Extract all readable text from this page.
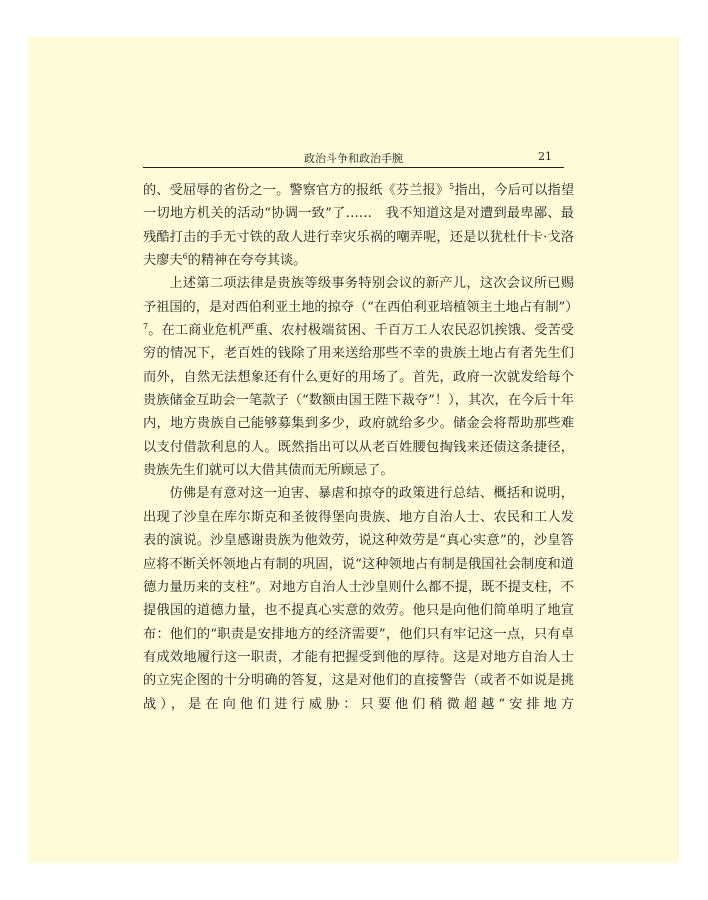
政治斗争和政治手腕	21

的、受屈辱的省份之一。警察官方的报纸《芬兰报》$^5$指出，今后可以指望一切地方机关的活动“协调一致”了……　我不知道这是对遭到最卑鄙、最残酷打击的手无寸铁的敌人进行幸灾乐祸的嘲弄呢，还是以犹杜什卡·戈洛夫廖夫$^6$的精神在夸夸其谈。

上述第二项法律是贵族等级事务特别会议的新产儿，这次会议所已赐予祖国的，是对西伯利亚土地的掠夺（“在西伯利亚培植领主土地占有制”）$^7$。在工商业危机严重、农村极端贫困、千百万工人农民忍饥挨饿、受苦受穷的情况下，老百姓的钱除了用来送给那些不幸的贵族土地占有者先生们而外，自然无法想象还有什么更好的用场了。首先，政府一次就发给每个贵族储金互助会一笔款子（“数额由国王陛下裁夺”！），其次，在今后十年内，地方贵族自己能够募集到多少，政府就给多少。储金会将帮助那些难以支付借款利息的人。既然指出可以从老百姓腰包掏钱来还债这条捷径，贵族先生们就可以大借其债而无所顾忌了。

仿佛是有意对这一迫害、暴虐和掠夺的政策进行总结、概括和说明，出现了沙皇在库尔斯克和圣彼得堡向贵族、地方自治人士、农民和工人发表的演说。沙皇感谢贵族为他效劳，说这种效劳是“真心实意”的，沙皇答应将不断关怀领地占有制的巩固，说“这种领地占有制是俄国社会制度和道德力量历来的支柱”。对地方自治人士沙皇则什么都不提，既不提支柱，不提俄国的道德力量，也不提真心实意的效劳。他只是向他们简单明了地宣布：他们的“职责是安排地方的经济需要”，他们只有牢记这一点，只有卓有成效地履行这一职责，才能有把握受到他的厚待。这是对地方自治人士的立宪企图的十分明确的答复，这是对他们的直接警告（或者不如说是挑战），是在向他们进行威胁：只要他们稍微超越“安排地方
